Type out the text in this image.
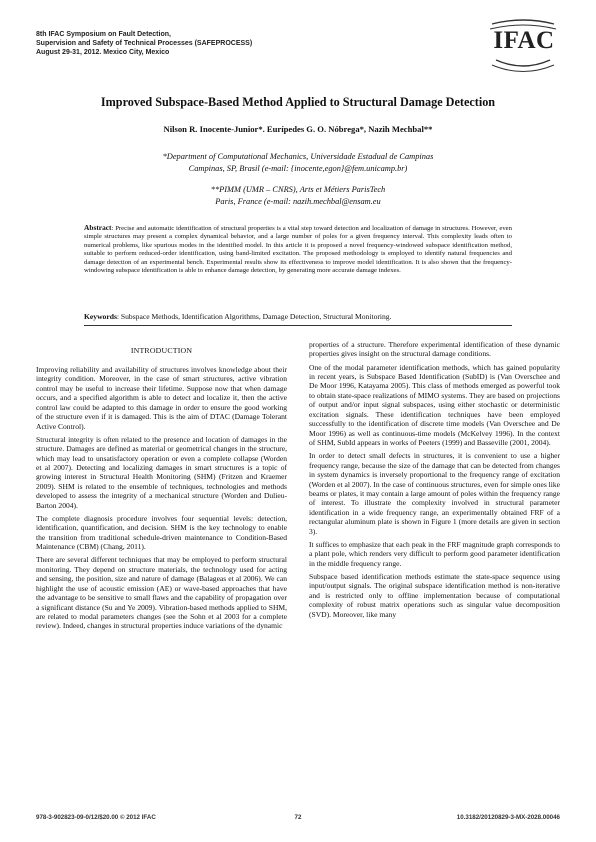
8th IFAC Symposium on Fault Detection,
Supervision and Safety of Technical Processes (SAFEPROCESS)
August 29-31, 2012. Mexico City, Mexico	IFAC
Improved Subspace-Based Method Applied to Structural Damage Detection
Nilson R. Inocente-Junior*. Eurípedes G. O. Nóbrega*, Nazih Mechbal**
*Department of Computational Mechanics, Universidade Estadual de Campinas
Campinas, SP, Brasil (e-mail: {inocente,egon}@fem.unicamp.br)
**PIMM (UMR – CNRS), Arts et Métiers ParisTech
Paris, France (e-mail: nazih.mechbal@ensam.eu
Abstract: Precise and automatic identification of structural properties is a vital step toward detection and localization of damage in structures. However, even simple structures may present a complex dynamical behavior, and a large number of poles for a given frequency interval. This complexity leads often to numerical problems, like spurious modes in the identified model. In this article it is proposed a novel frequency-windowed subspace identification method, suitable to perform reduced-order identification, using band-limited excitation. The proposed methodology is employed to identify natural frequencies and damage detection of an experimental bench. Experimental results show its effectiveness to improve model identification. It is also shown that the frequency-windowing subspace identification is able to enhance damage detection, by generating more accurate damage indexes.
Keywords: Subspace Methods, Identification Algorithms, Damage Detection, Structural Monitoring.
INTRODUCTION

Improving reliability and availability of structures involves knowledge about their integrity condition. Moreover, in the case of smart structures, active vibration control may be useful to increase their lifetime. Suppose now that when damage occurs, and a specified algorithm is able to detect and localize it, then the active control law could be adapted to this damage in order to ensure the good working of the structure even if it is damaged. This is the aim of DTAC (Damage Tolerant Active Control).

Structural integrity is often related to the presence and location of damages in the structure. Damages are defined as material or geometrical changes in the structure, which may lead to unsatisfactory operation or even a complete collapse (Worden et al 2007). Detecting and localizing damages in smart structures is a topic of growing interest in Structural Health Monitoring (SHM) (Fritzen and Kraemer 2009). SHM is related to the ensemble of techniques, technologies and methods developed to assess the integrity of a mechanical structure (Worden and Dulieu-Barton 2004).

The complete diagnosis procedure involves four sequential levels: detection, identification, quantification, and decision. SHM is the key technology to enable the transition from traditional schedule-driven maintenance to Condition-Based Maintenance (CBM) (Chang, 2011).

There are several different techniques that may be employed to perform structural monitoring. They depend on structure materials, the technology used for acting and sensing, the position, size and nature of damage (Balageas et al 2006). We can highlight the use of acoustic emission (AE) or wave-based approaches that have the advantage to be sensitive to small flaws and the capability of propagation over a significant distance (Su and Ye 2009). Vibration-based methods applied to SHM, are related to modal parameters changes (see the Sohn et al 2003 for a complete review). Indeed, changes in structural properties induce variations of the dynamic

properties of a structure. Therefore experimental identification of these dynamic properties gives insight on the structural damage conditions.

One of the modal parameter identification methods, which has gained popularity in recent years, is Subspace Based Identification (SubID) is (Van Overschee and De Moor 1996, Katayama 2005). This class of methods emerged as powerful took to obtain state-space realizations of MIMO systems. They are based on projections of output and/or input signal subspaces, using either stochastic or deterministic excitation signals. These identification techniques have been employed successfully to the identification of discrete time models (Van Overschee and De Moor 1996) as well as continuous-time models (McKelvey 1996). In the context of SHM, SubId appears in works of Peeters (1999) and Basseville (2001, 2004).

In order to detect small defects in structures, it is convenient to use a higher frequency range, because the size of the damage that can be detected from changes in system dynamics is inversely proportional to the frequency range of excitation (Worden et al 2007). In the case of continuous structures, even for simple ones like beams or plates, it may contain a large amount of poles within the frequency range of interest. To illustrate the complexity involved in structural parameter identification in a wide frequency range, an experimentally obtained FRF of a rectangular aluminum plate is shown in Figure 1 (more details are given in section 3).

It suffices to emphasize that each peak in the FRF magnitude graph corresponds to a plant pole, which renders very difficult to perform good parameter identification in the middle frequency range.

Subspace based identification methods estimate the state-space sequence using input/output signals. The original subspace identification method is non-iterative and is restricted only to offline implementation because of computational complexity of robust matrix operations such as singular value decomposition (SVD). Moreover, like many

978-3-902823-09-0/12/$20.00 © 2012 IFAC	72	10.3182/20120829-3-MX-2028.00046
